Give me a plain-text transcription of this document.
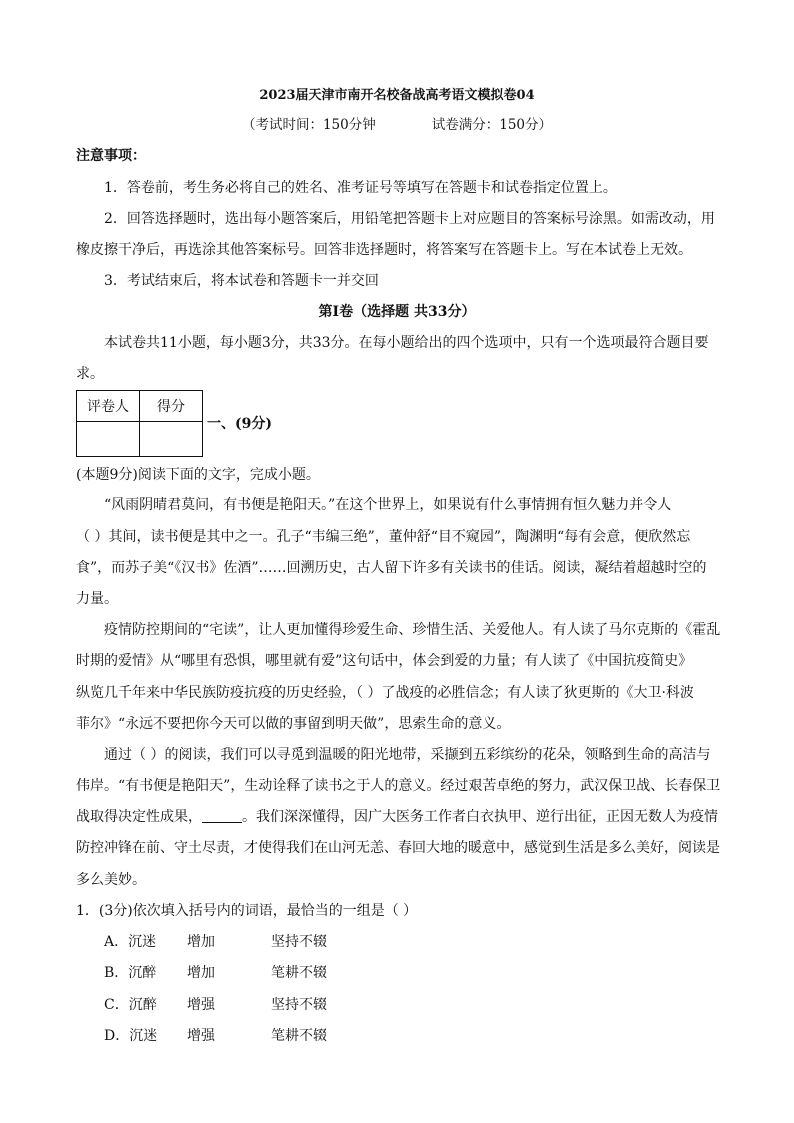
2023届天津市南开名校备战高考语文模拟卷04
（考试时间：150分钟	试卷满分：150分）
注意事项：
1．答卷前，考生务必将自己的姓名、准考证号等填写在答题卡和试卷指定位置上。
2．回答选择题时，选出每小题答案后，用铅笔把答题卡上对应题目的答案标号涂黑。如需改动，用
橡皮擦干净后，再选涂其他答案标号。回答非选择题时，将答案写在答题卡上。写在本试卷上无效。
3．考试结束后，将本试卷和答题卡一并交回
第Ⅰ卷（选择题 共33分）
本试卷共11小题，每小题3分，共33分。在每小题给出的四个选项中，只有一个选项最符合题目要
求。
评卷人	得分

一、(9分)
(本题9分)阅读下面的文字，完成小题。
“风雨阴晴君莫问，有书便是艳阳天。”在这个世界上，如果说有什么事情拥有恒久魅力并令人
（ ）其间，读书便是其中之一。孔子“韦编三绝”，董仲舒“目不窥园”，陶渊明“每有会意，便欣然忘
食”，而苏子美“《汉书》佐酒”……回溯历史，古人留下许多有关读书的佳话。阅读，凝结着超越时空的
力量。
疫情防控期间的“宅读”，让人更加懂得珍爱生命、珍惜生活、关爱他人。有人读了马尔克斯的《霍乱
时期的爱情》从“哪里有恐惧，哪里就有爱”这句话中，体会到爱的力量；有人读了《中国抗疫简史》
纵览几千年来中华民族防疫抗疫的历史经验，（ ）了战疫的必胜信念；有人读了狄更斯的《大卫·科波
菲尔》“永远不要把你今天可以做的事留到明天做”，思索生命的意义。
通过（ ）的阅读，我们可以寻觅到温暖的阳光地带，采撷到五彩缤纷的花朵，领略到生命的高洁与
伟岸。“有书便是艳阳天”，生动诠释了读书之于人的意义。经过艰苦卓绝的努力，武汉保卫战、长春保卫
战取得决定性成果，	。我们深深懂得，因广大医务工作者白衣执甲、逆行出征，正因无数人为疫情
防控冲锋在前、守土尽责，才使得我们在山河无恙、春回大地的暖意中，感觉到生活是多么美好，阅读是
多么美妙。
1．(3分)依次填入括号内的词语，最恰当的一组是（ ）
A．沉迷 增加	坚持不辍
B．沉醉 增加	笔耕不辍
C．沉醉 增强	坚持不辍
D．沉迷 增强	笔耕不辍
